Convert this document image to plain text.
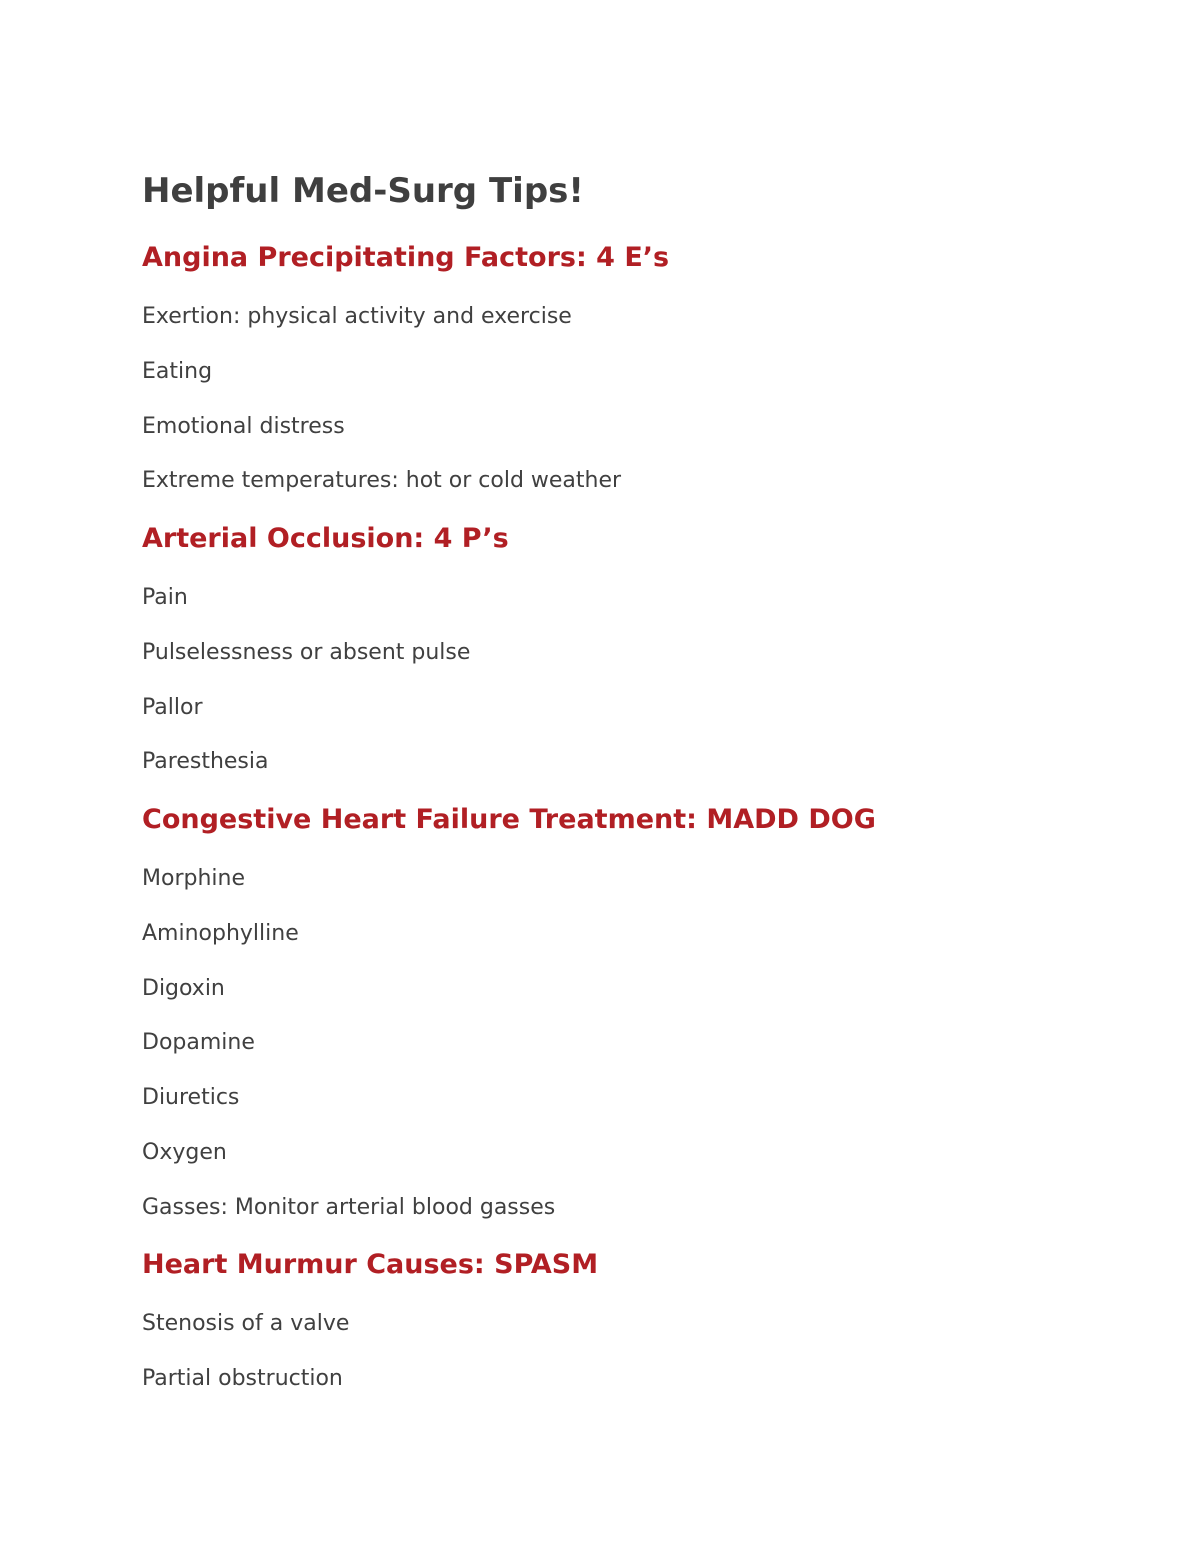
Helpful Med-Surg Tips!
Angina Precipitating Factors: 4 E’s

Exertion: physical activity and exercise

Eating

Emotional distress

Extreme temperatures: hot or cold weather

Arterial Occlusion: 4 P’s

Pain

Pulselessness or absent pulse

Pallor

Paresthesia

Congestive Heart Failure Treatment: MADD DOG

Morphine

Aminophylline

Digoxin

Dopamine

Diuretics

Oxygen

Gasses: Monitor arterial blood gasses

Heart Murmur Causes: SPASM

Stenosis of a valve

Partial obstruction
